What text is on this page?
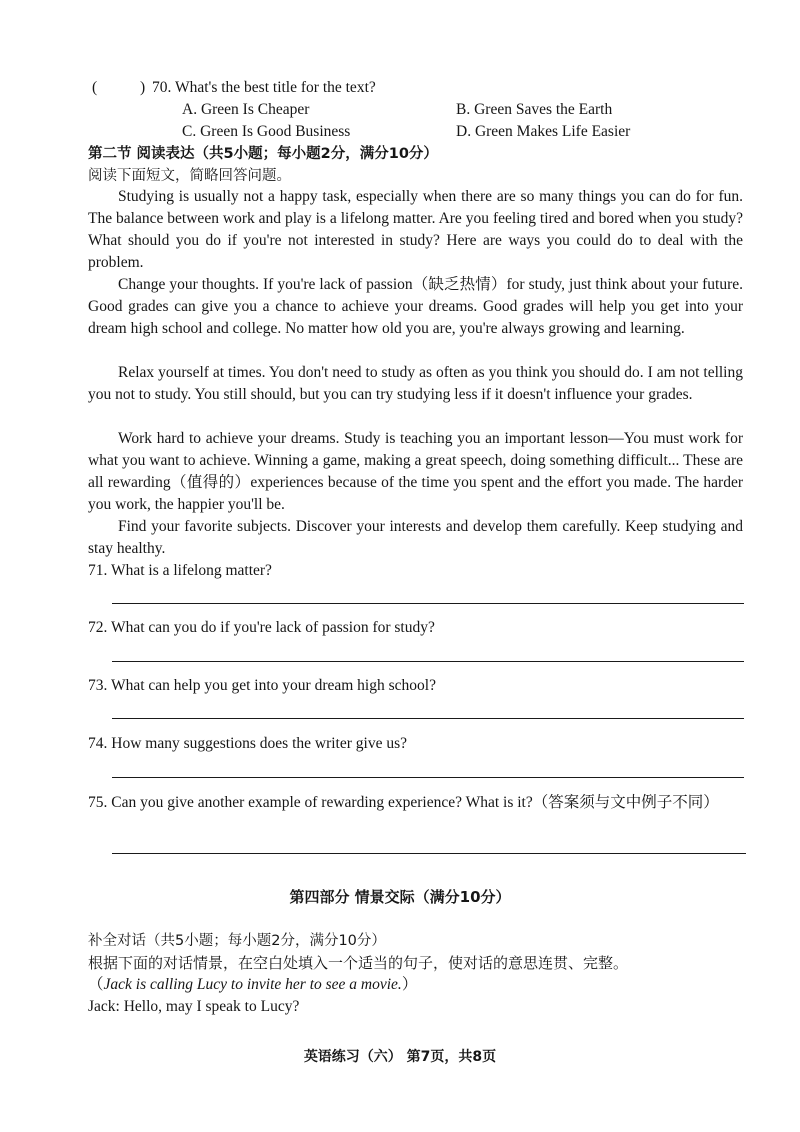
(	) 70. What's the best title for the text?
A. Green Is Cheaper	B. Green Saves the Earth
C. Green Is Good Business	D. Green Makes Life Easier
第二节 阅读表达（共5小题；每小题2分，满分10分）
阅读下面短文，简略回答问题。
Studying is usually not a happy task, especially when there are so many things you can do for fun. The balance between work and play is a lifelong matter. Are you feeling tired and bored when you study? What should you do if you're not interested in study? Here are ways you could do to deal with the problem.
Change your thoughts. If you're lack of passion（缺乏热情）for study, just think about your future. Good grades can give you a chance to achieve your dreams. Good grades will help you get into your dream high school and college. No matter how old you are, you're always growing and learning.
Relax yourself at times. You don't need to study as often as you think you should do. I am not telling you not to study. You still should, but you can try studying less if it doesn't influence your grades.
Work hard to achieve your dreams. Study is teaching you an important lesson—You must work for what you want to achieve. Winning a game, making a great speech, doing something difficult... These are all rewarding（值得的）experiences because of the time you spent and the effort you made. The harder you work, the happier you'll be.
Find your favorite subjects. Discover your interests and develop them carefully. Keep studying and stay healthy.
71. What is a lifelong matter?
72. What can you do if you're lack of passion for study?
73. What can help you get into your dream high school?
74. How many suggestions does the writer give us?
75. Can you give another example of rewarding experience? What is it?（答案须与文中例子不同）
第四部分 情景交际（满分10分）
补全对话（共5小题；每小题2分，满分10分）
根据下面的对话情景，在空白处填入一个适当的句子，使对话的意思连贯、完整。
（Jack is calling Lucy to invite her to see a movie.）
Jack: Hello, may I speak to Lucy?
英语练习（六） 第7页，共8页
